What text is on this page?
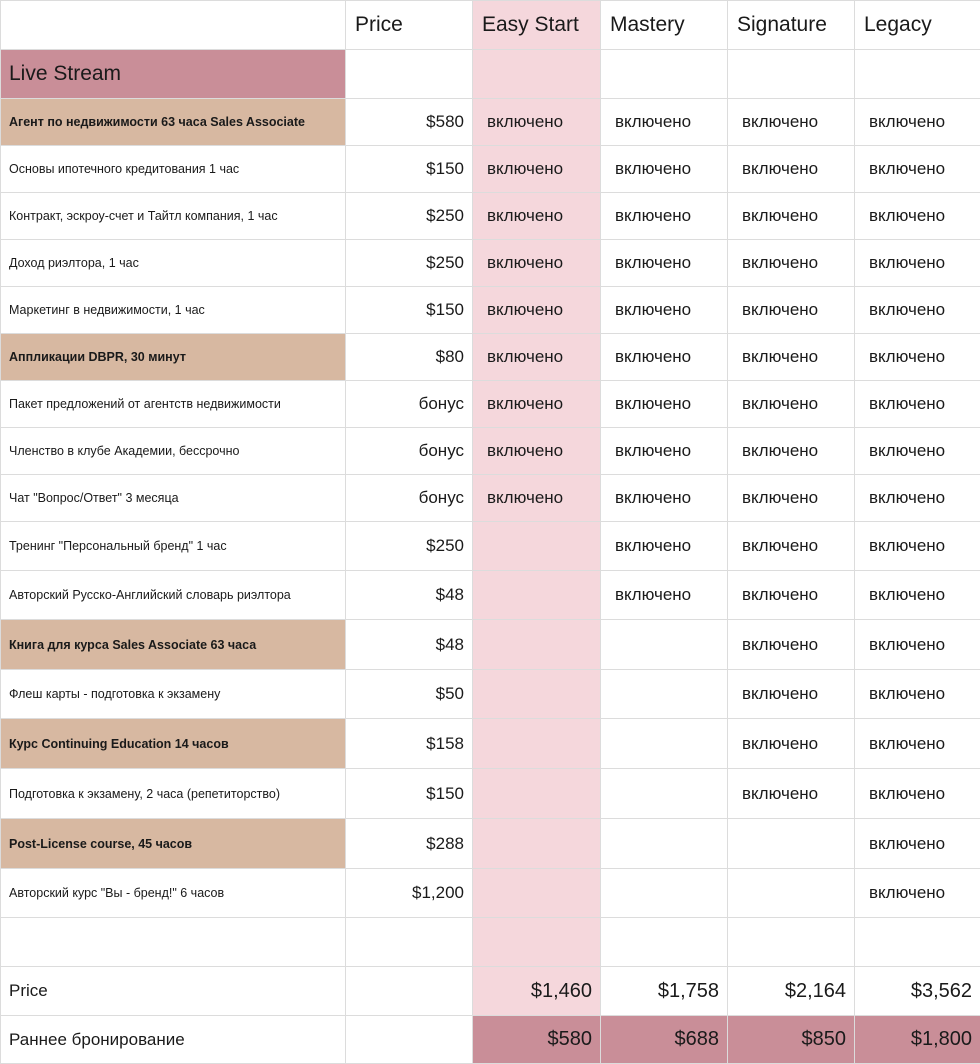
	Price	Easy Start	Mastery	Signature	Legacy
Live Stream					
Агент по недвижимости 63 часа Sales Associate	$580	включено	включено	включено	включено
Основы ипотечного кредитования 1 час	$150	включено	включено	включено	включено
Контракт, эскроу-счет и Тайтл компания, 1 час	$250	включено	включено	включено	включено
Доход риэлтора, 1 час	$250	включено	включено	включено	включено
Маркетинг в недвижимости, 1 час	$150	включено	включено	включено	включено
Аппликации DBPR, 30 минут	$80	включено	включено	включено	включено
Пакет предложений от агентств недвижимости	бонус	включено	включено	включено	включено
Членство в клубе Академии, бессрочно	бонус	включено	включено	включено	включено
Чат "Вопрос/Ответ" 3 месяца	бонус	включено	включено	включено	включено
Тренинг "Персональный бренд" 1 час	$250		включено	включено	включено
Авторский Русско-Английский словарь риэлтора	$48		включено	включено	включено
Книга для курса Sales Associate 63 часа	$48			включено	включено
Флеш карты - подготовка к экзамену	$50			включено	включено
Курс Continuing Education 14 часов	$158			включено	включено
Подготовка к экзамену, 2 часа (репетиторство)	$150			включено	включено
Post-License course, 45 часов	$288				включено
Авторский курс "Вы - бренд!" 6 часов	$1,200				включено

Price		$1,460	$1,758	$2,164	$3,562
Раннее бронирование		$580	$688	$850	$1,800
